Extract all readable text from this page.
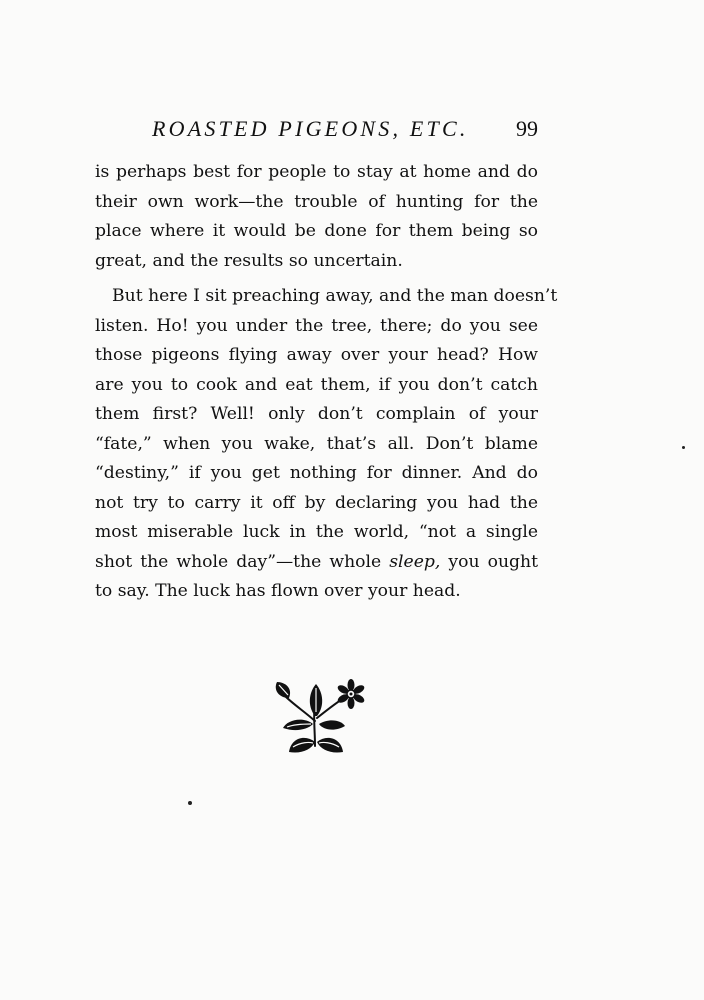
ROASTED PIGEONS, ETC. 99
is perhaps best for people to stay at home and do
their own work—the trouble of hunting for the
place where it would be done for them being so
great, and the results so uncertain.
But here I sit preaching away, and the man doesn’t
listen. Ho! you under the tree, there; do you see
those pigeons flying away over your head? How
are you to cook and eat them, if you don’t catch
them first? Well! only don’t complain of your
“fate,” when you wake, that’s all. Don’t blame
“destiny,” if you get nothing for dinner. And do
not try to carry it off by declaring you had the
most miserable luck in the world, “not a single
shot the whole day”—the whole sleep, you ought
to say. The luck has flown over your head.
